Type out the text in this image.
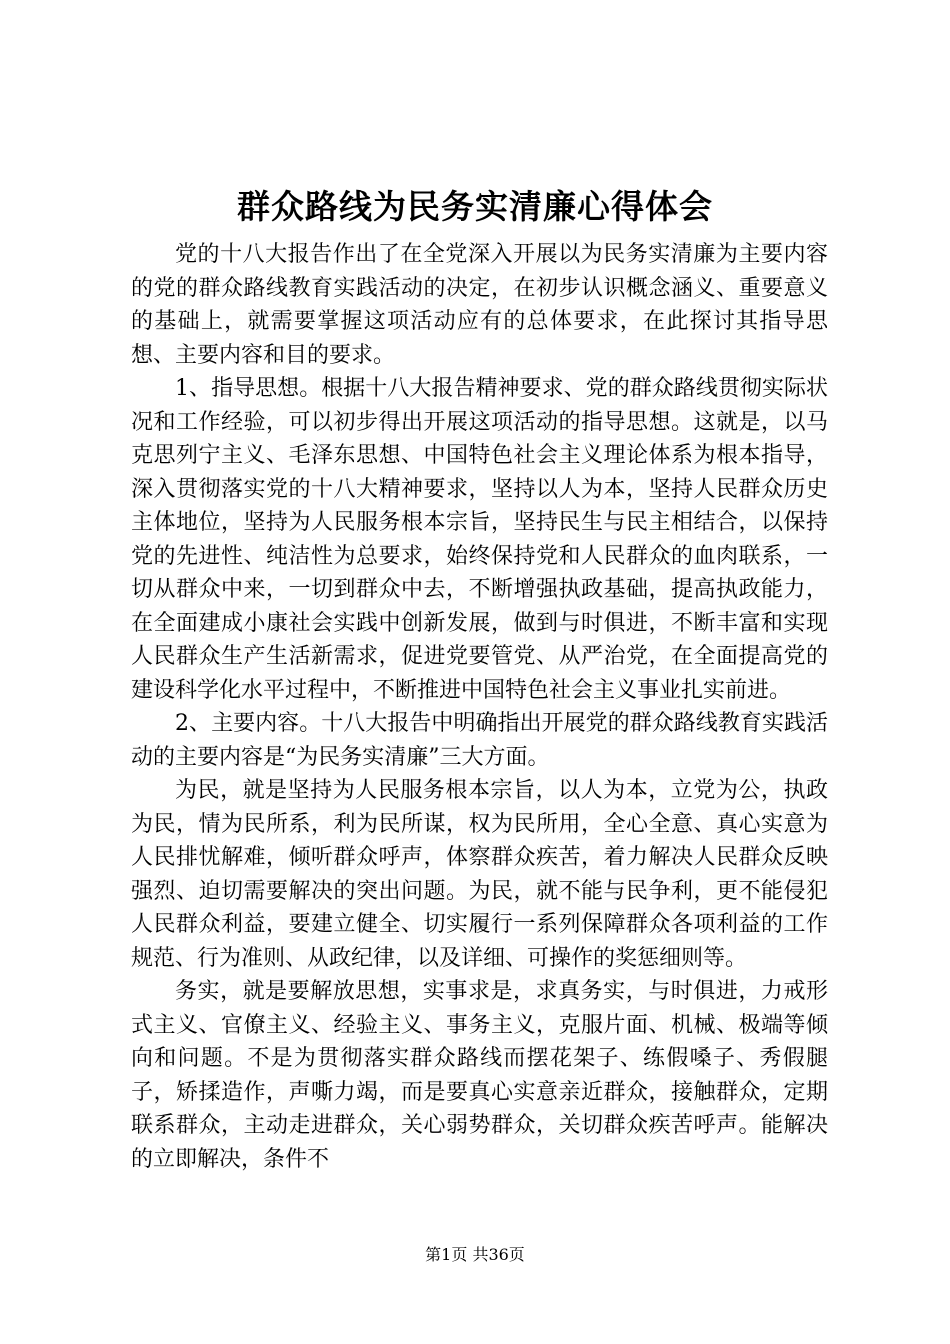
群众路线为民务实清廉心得体会

党的十八大报告作出了在全党深入开展以为民务实清廉为主要内容的党的群众路线教育实践活动的决定，在初步认识概念涵义、重要意义的基础上，就需要掌握这项活动应有的总体要求，在此探讨其指导思想、主要内容和目的要求。

1、指导思想。根据十八大报告精神要求、党的群众路线贯彻实际状况和工作经验，可以初步得出开展这项活动的指导思想。这就是，以马克思列宁主义、毛泽东思想、中国特色社会主义理论体系为根本指导，深入贯彻落实党的十八大精神要求，坚持以人为本，坚持人民群众历史主体地位，坚持为人民服务根本宗旨，坚持民生与民主相结合，以保持党的先进性、纯洁性为总要求，始终保持党和人民群众的血肉联系，一切从群众中来，一切到群众中去，不断增强执政基础，提高执政能力，在全面建成小康社会实践中创新发展，做到与时俱进，不断丰富和实现人民群众生产生活新需求，促进党要管党、从严治党，在全面提高党的建设科学化水平过程中，不断推进中国特色社会主义事业扎实前进。

2、主要内容。十八大报告中明确指出开展党的群众路线教育实践活动的主要内容是“为民务实清廉”三大方面。

为民，就是坚持为人民服务根本宗旨，以人为本，立党为公，执政为民，情为民所系，利为民所谋，权为民所用，全心全意、真心实意为人民排忧解难，倾听群众呼声，体察群众疾苦，着力解决人民群众反映强烈、迫切需要解决的突出问题。为民，就不能与民争利，更不能侵犯人民群众利益，要建立健全、切实履行一系列保障群众各项利益的工作规范、行为准则、从政纪律，以及详细、可操作的奖惩细则等。

务实，就是要解放思想，实事求是，求真务实，与时俱进，力戒形式主义、官僚主义、经验主义、事务主义，克服片面、机械、极端等倾向和问题。不是为贯彻落实群众路线而摆花架子、练假嗓子、秀假腿子，矫揉造作，声嘶力竭，而是要真心实意亲近群众，接触群众，定期联系群众，主动走进群众，关心弱势群众，关切群众疾苦呼声。能解决的立即解决，条件不

第1页 共36页
